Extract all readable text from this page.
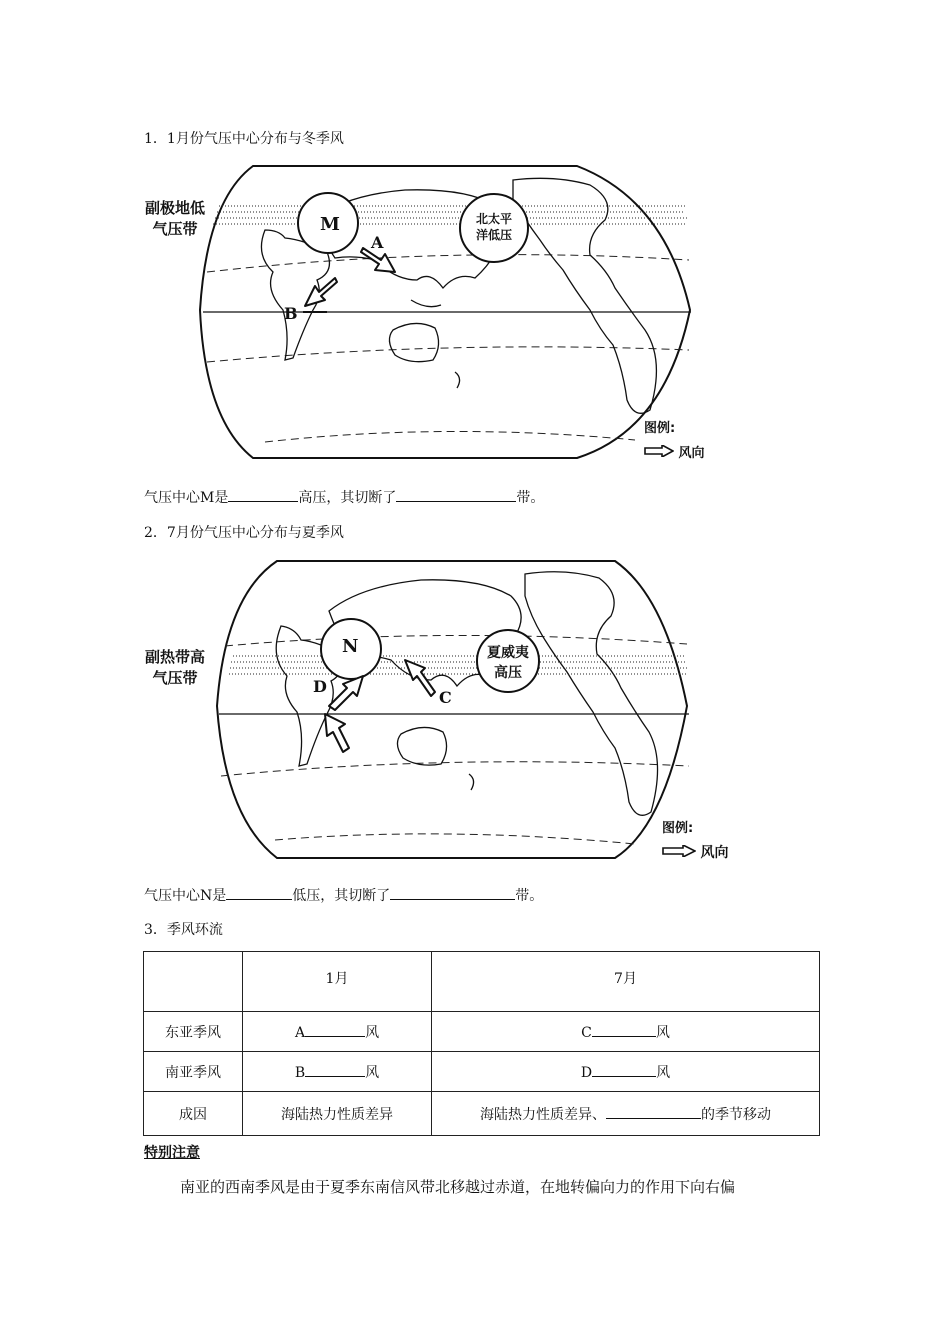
1．1月份气压中心分布与冬季风
M	北太平
洋低压
A
B
副极地低
气压带
图例:
风向
气压中心M是	高压，其切断了	带。
2．7月份气压中心分布与夏季风
N	夏威夷
高压
C
D
副热带高
气压带
图例:
风向
气压中心N是	低压，其切断了	带。
3．季风环流
	1月	7月
东亚季风	A 风	C 风
南亚季风	B 风	D 风
成因	海陆热力性质差异	海陆热力性质差异、 的季节移动
特别注意
南亚的西南季风是由于夏季东南信风带北移越过赤道，在地转偏向力的作用下向右偏
